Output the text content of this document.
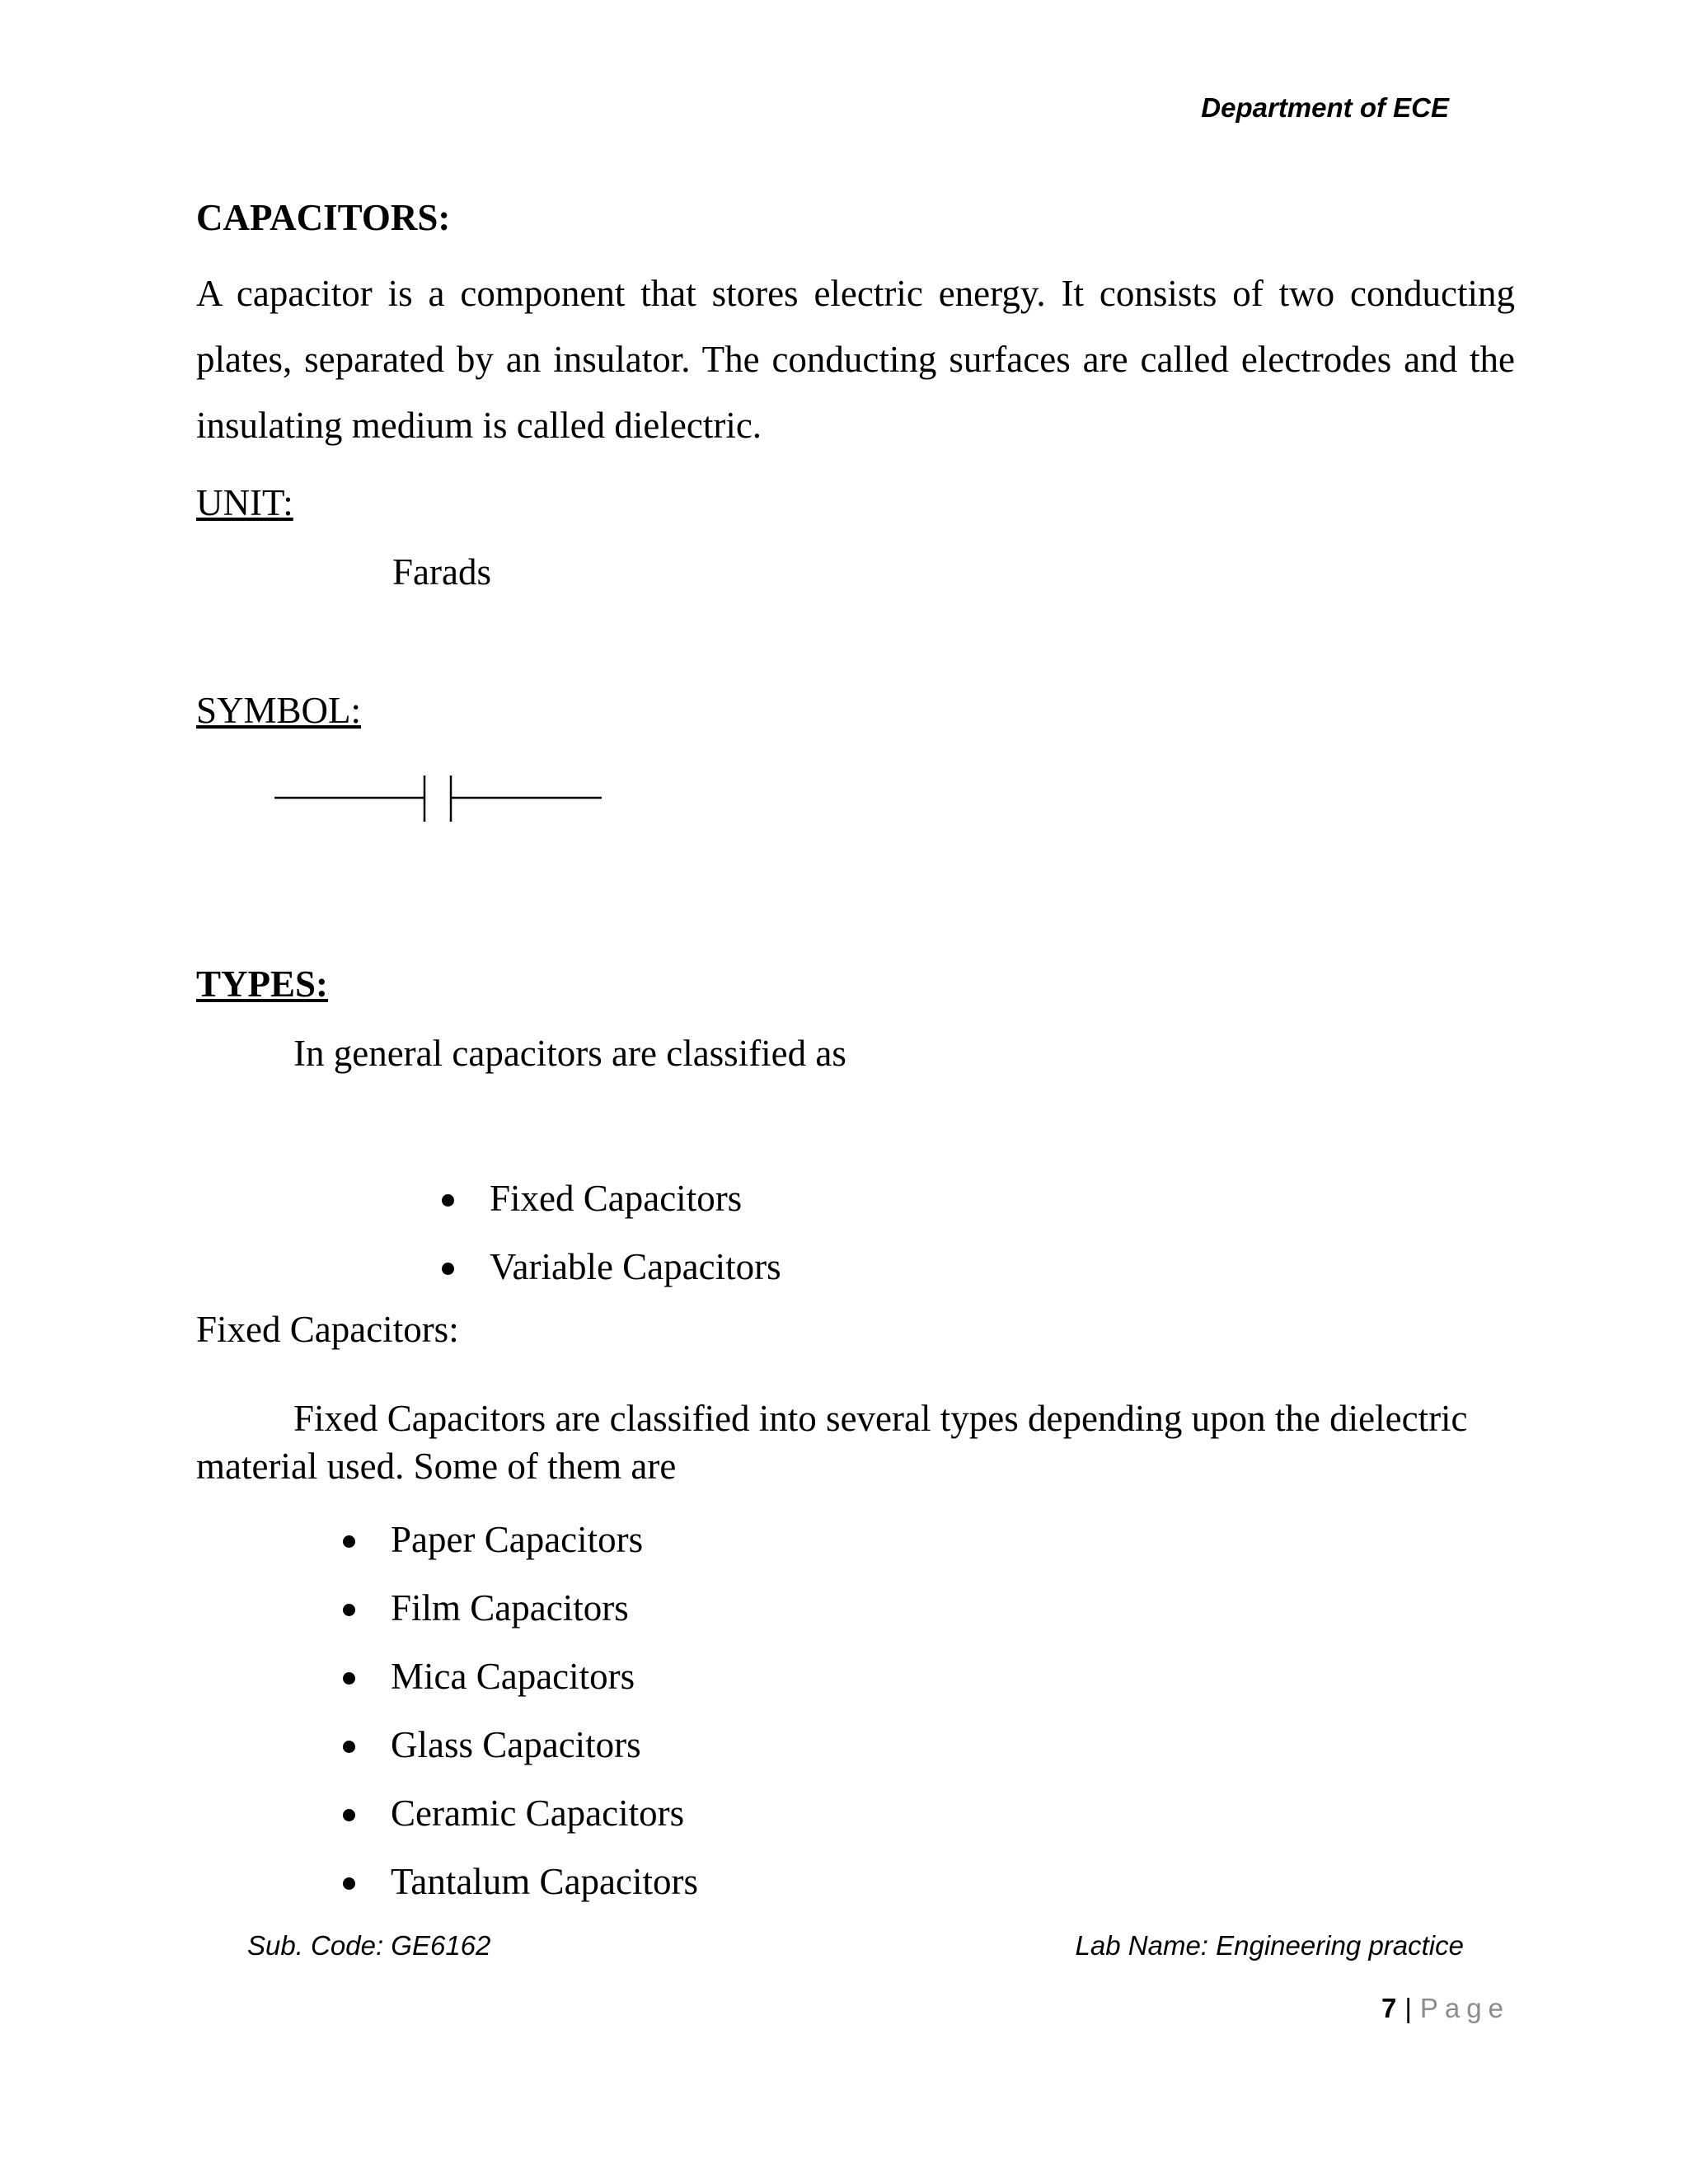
Department of ECE
CAPACITORS:
A capacitor is a component that stores electric energy. It consists of two conducting plates, separated by an insulator. The conducting surfaces are called electrodes and the insulating medium is called dielectric.
UNIT:
Farads
SYMBOL:
TYPES:
In general capacitors are classified as
Fixed Capacitors
Variable Capacitors
Fixed Capacitors:
Fixed Capacitors are classified into several types depending upon the dielectric material used. Some of them are
Paper Capacitors
Film Capacitors
Mica Capacitors
Glass Capacitors
Ceramic Capacitors
Tantalum Capacitors
Sub. Code: GE6162	Lab Name: Engineering practice
7 | Page
